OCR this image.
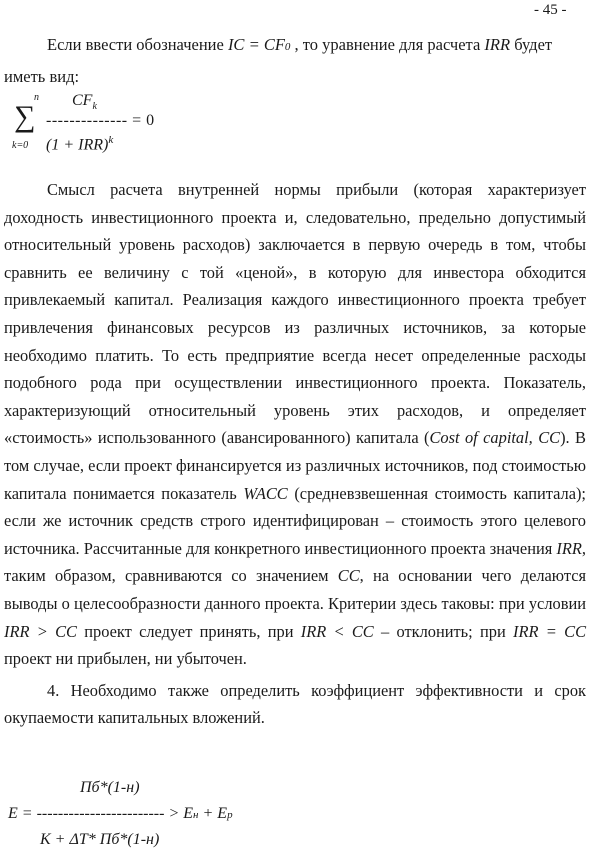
- 45 -
Если ввести обозначение IC = CF0 , то уравнение для расчета IRR будет
иметь вид:
n
∑
k=0
$CF_k$
-------------- = 0
(1 + IRR)$^k$

Смысл расчета внутренней нормы прибыли (которая характеризует доходность инвестиционного проекта и, следовательно, предельно допустимый относительный уровень расходов) заключается в первую очередь в том, чтобы сравнить ее величину с той «ценой», в которую для инвестора обходится привлекаемый капитал. Реализация каждого инвестиционного проекта требует привлечения финансовых ресурсов из различных источников, за которые необходимо платить. То есть предприятие всегда несет определенные расходы подобного рода при осуществлении инвестиционного проекта. Показатель, характеризующий относительный уровень этих расходов, и определяет «стоимость» использованного (авансированного) капитала (Cost of capital, CC). В том случае, если проект финансируется из различных источников, под стоимостью капитала понимается показатель WACC (средневзвешенная стоимость капитала); если же источник средств строго идентифицирован – стоимость этого целевого источника. Рассчитанные для конкретного инвестиционного проекта значения IRR, таким образом, сравниваются со значением CC, на основании чего делаются выводы о целесообразности данного проекта. Критерии здесь таковы: при условии IRR > CC проект следует принять, при IRR < CC – отклонить; при IRR = CC проект ни прибылен, ни убыточен.

4. Необходимо также определить коэффициент эффективности и срок окупаемости капитальных вложений.

Пб*(1-н)
E = ------------------------ > Eн + Eр
K + ΔT* Пб*(1-н)
